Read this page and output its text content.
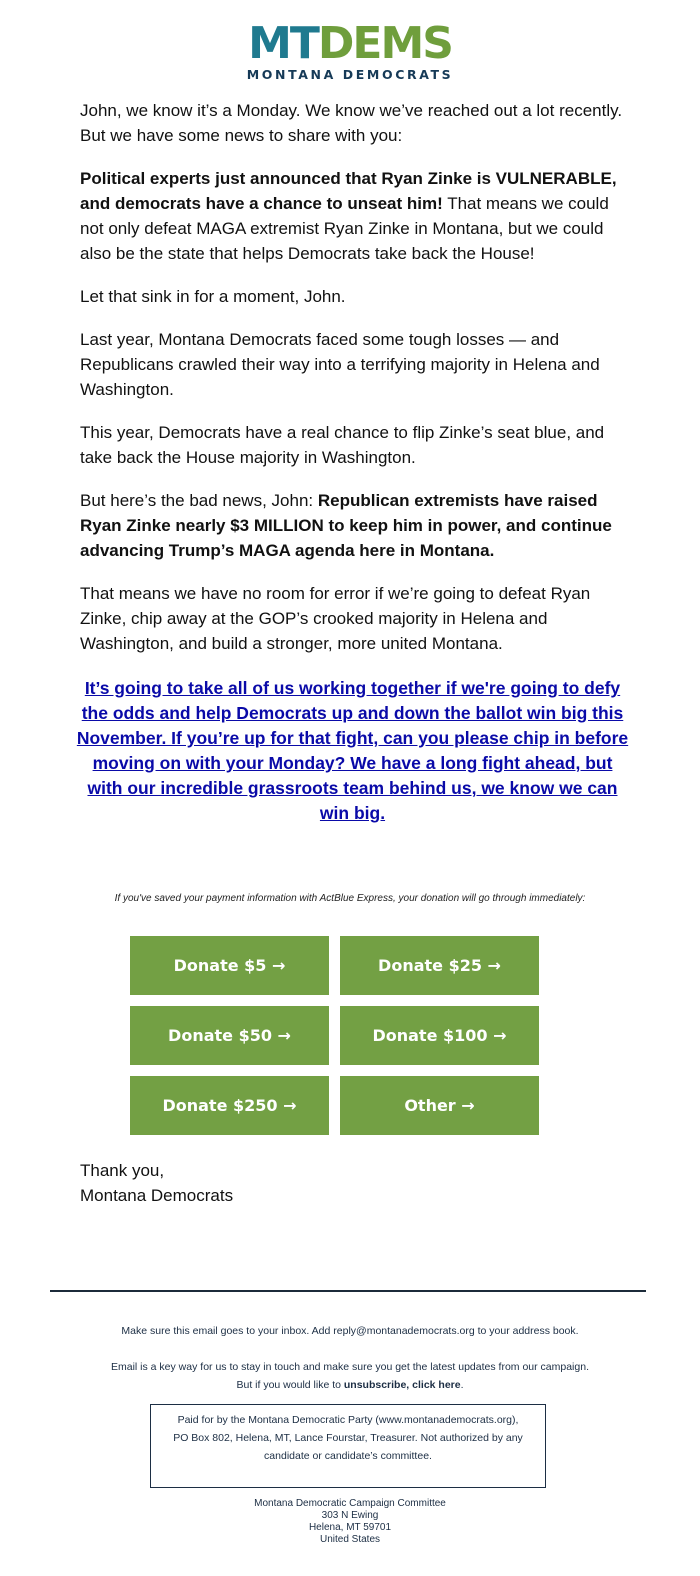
MTDEMS
MONTANA DEMOCRATS

John, we know it’s a Monday. We know we’ve reached out a lot recently. But we have some news to share with you:

Political experts just announced that Ryan Zinke is VULNERABLE, and democrats have a chance to unseat him! That means we could not only defeat MAGA extremist Ryan Zinke in Montana, but we could also be the state that helps Democrats take back the House!

Let that sink in for a moment, John.

Last year, Montana Democrats faced some tough losses — and Republicans crawled their way into a terrifying majority in Helena and Washington.

This year, Democrats have a real chance to flip Zinke’s seat blue, and take back the House majority in Washington.

But here’s the bad news, John: Republican extremists have raised Ryan Zinke nearly $3 MILLION to keep him in power, and continue advancing Trump’s MAGA agenda here in Montana.

That means we have no room for error if we’re going to defeat Ryan Zinke, chip away at the GOP’s crooked majority in Helena and Washington, and build a stronger, more united Montana.

It’s going to take all of us working together if we're going to defy the odds and help Democrats up and down the ballot win big this November. If you’re up for that fight, can you please chip in before moving on with your Monday? We have a long fight ahead, but with our incredible grassroots team behind us, we know we can win big.
If you've saved your payment information with ActBlue Express, your donation will go through immediately:
Donate $5 →	Donate $25 →
Donate $50 →	Donate $100 →
Donate $250 →	Other →
Thank you,
Montana Democrats
Make sure this email goes to your inbox. Add reply@montanademocrats.org to your address book.
Email is a key way for us to stay in touch and make sure you get the latest updates from our campaign.
But if you would like to unsubscribe, click here.
Paid for by the Montana Democratic Party (www.montanademocrats.org), PO Box 802, Helena, MT, Lance Fourstar, Treasurer. Not authorized by any candidate or candidate’s committee.
Montana Democratic Campaign Committee
303 N Ewing
Helena, MT 59701
United States
